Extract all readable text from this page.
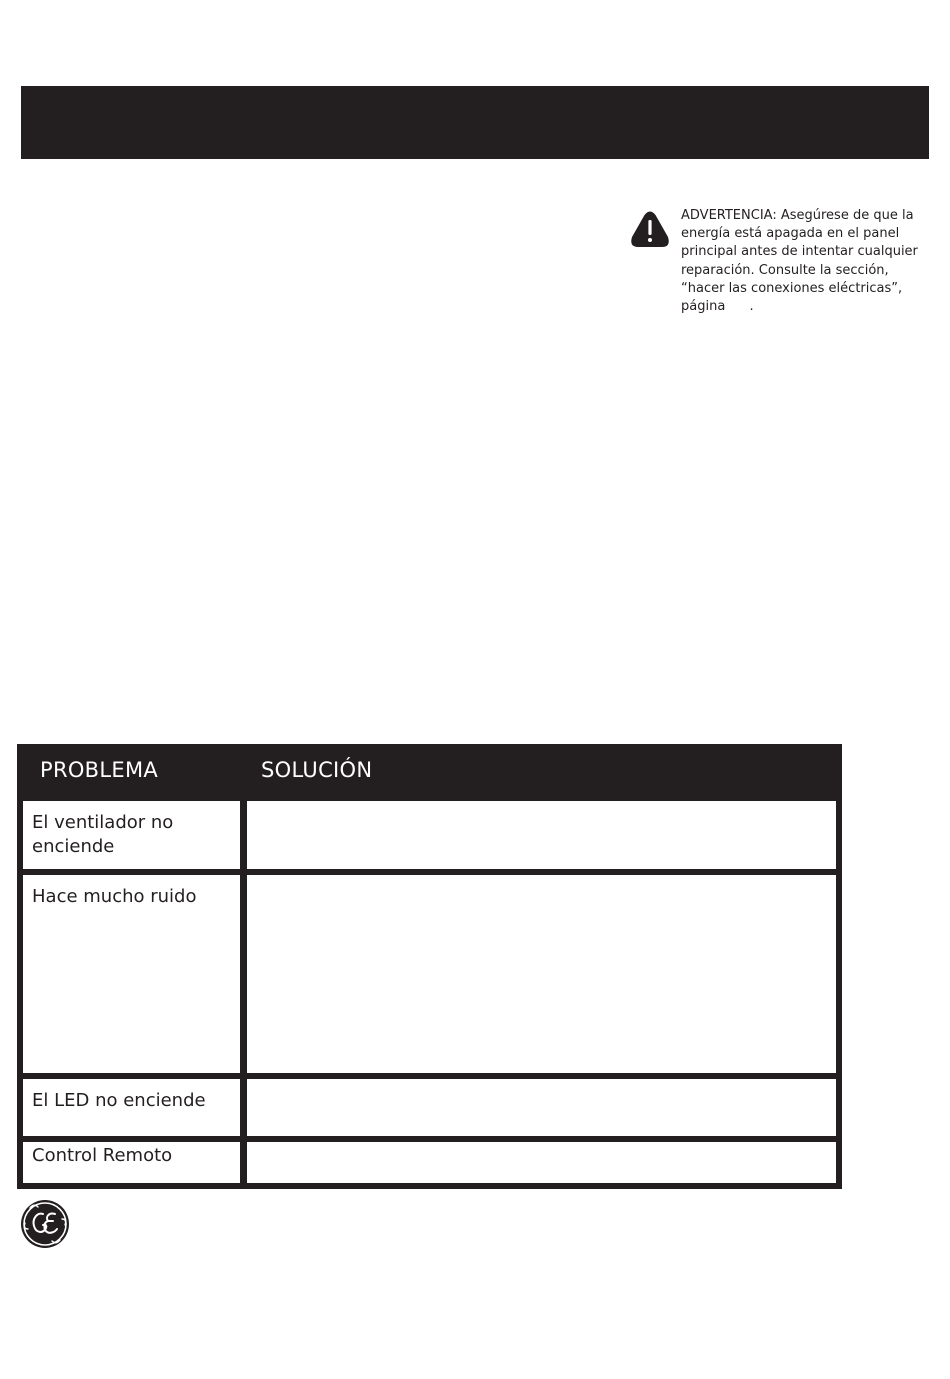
ADVERTENCIA: Asegúrese de que la
energía está apagada en el panel
principal antes de intentar cualquier
reparación. Consulte la sección,
“hacer las conexiones eléctricas”,
página .
PROBLEMA	SOLUCIÓN
El ventilador no enciende
Hace mucho ruido
El LED no enciende
Control Remoto
